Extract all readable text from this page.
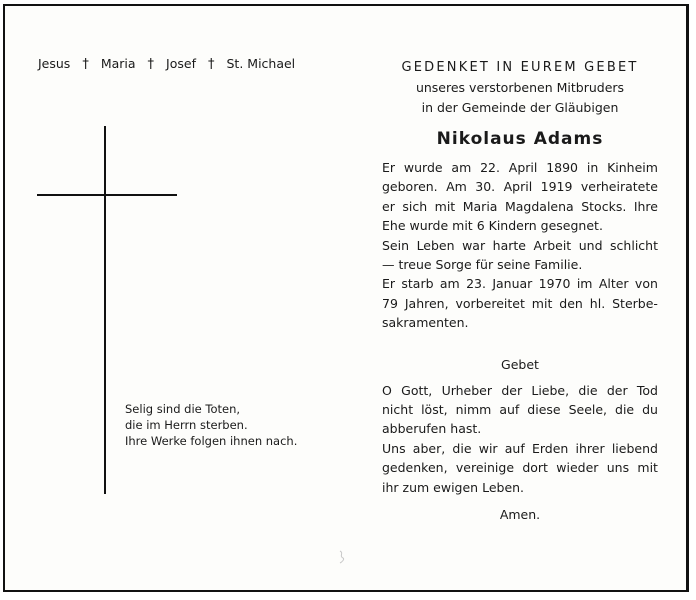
Jesus † Maria † Josef † St. Michael
Selig sind die Toten,
die im Herrn sterben.
Ihre Werke folgen ihnen nach.
GEDENKET IN EUREM GEBET
unseres verstorbenen Mitbruders
in der Gemeinde der Gläubigen
Nikolaus Adams
Er wurde am 22. April 1890 in Kinheim
geboren. Am 30. April 1919 verheiratete
er sich mit Maria Magdalena Stocks. Ihre
Ehe wurde mit 6 Kindern gesegnet.
Sein Leben war harte Arbeit und schlicht
— treue Sorge für seine Familie.
Er starb am 23. Januar 1970 im Alter von
79 Jahren, vorbereitet mit den hl. Sterbe-
sakramenten.
Gebet
O Gott, Urheber der Liebe, die der Tod
nicht löst, nimm auf diese Seele, die du
abberufen hast.
Uns aber, die wir auf Erden ihrer liebend
gedenken, vereinige dort wieder uns mit
ihr zum ewigen Leben.
Amen.
